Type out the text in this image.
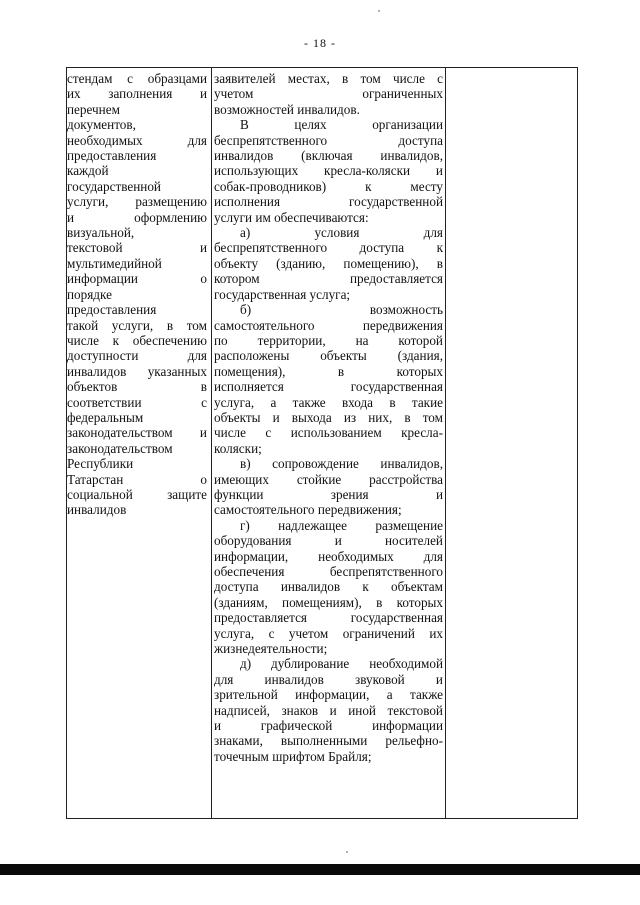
- 18 -

стендам с образцами

их заполнения и

перечнем

документов,

необходимых для

предоставления

каждой

государственной

услуги, размещению

и оформлению

визуальной,

текстовой и

мультимедийной

информации о

порядке

предоставления

такой услуги, в том

числе к обеспечению

доступности для

инвалидов указанных

объектов в

соответствии с

федеральным

законодательством и

законодательством

Республики

Татарстан о

социальной защите

инвалидов

заявителей местах, в том числе с

учетом ограниченных

возможностей инвалидов.

В целях организации

беспрепятственного доступа

инвалидов (включая инвалидов,

использующих кресла-коляски и

собак-проводников) к месту

исполнения государственной

услуги им обеспечиваются:

а) условия для

беспрепятственного доступа к

объекту (зданию, помещению), в

котором предоставляется

государственная услуга;

б) возможность

самостоятельного передвижения

по территории, на которой

расположены объекты (здания,

помещения), в которых

исполняется государственная

услуга, а также входа в такие

объекты и выхода из них, в том

числе с использованием кресла-

коляски;

в) сопровождение инвалидов,

имеющих стойкие расстройства

функции зрения и

самостоятельного передвижения;

г) надлежащее размещение

оборудования и носителей

информации, необходимых для

обеспечения беспрепятственного

доступа инвалидов к объектам

(зданиям, помещениям), в которых

предоставляется государственная

услуга, с учетом ограничений их

жизнедеятельности;

д) дублирование необходимой

для инвалидов звуковой и

зрительной информации, а также

надписей, знаков и иной текстовой

и графической информации

знаками, выполненными рельефно-

точечным шрифтом Брайля;
